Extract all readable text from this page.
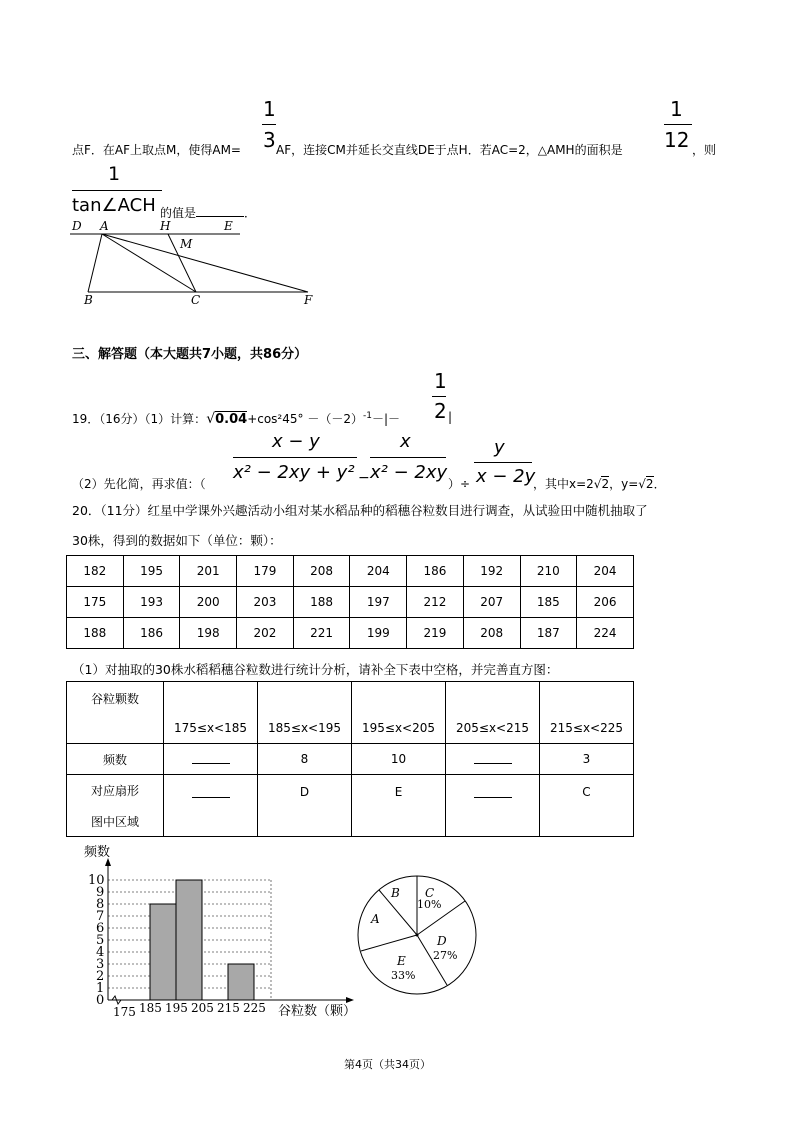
1
3
1
12
点F．在AF上取点M，使得AM=	AF，连接CM并延长交直线DE于点H．若AC=2，△AMH的面积是	，则
1
tan∠ACH 的值是	．
D A	H	E
M
B	C	F
三、解答题（本大题共7小题，共86分）
1
2
19．（16分）（1）计算：$√0.04+\cos^245^\circ -(-2)^{-1}-|-$	|
（2）先化简，再求值：（
x − y
x² − 2xy + y² −
x
x² − 2xy
）÷
y
x − 2y
，其中x=2√2，y=√2．
20．（11分）红星中学课外兴趣活动小组对某水稻品种的稻穗谷粒数目进行调查，从试验田中随机抽取了
30株，得到的数据如下（单位：颗）：
182	195	201	179	208	204	186	192	210	204
175	193	200	203	188	197	212	207	185	206
188	186	198	202	221	199	219	208	187	224
（1）对抽取的30株水稻稻穗谷粒数进行统计分析，请补全下表中空格，并完善直方图：
谷粒颗数	175≤x<185	185≤x<195	195≤x<205	205≤x<215	215≤x<225
频数		8	10		3

对应扇形
图中区域		D	E		C
频数
谷粒数（颗）
0
1
2
3
4
5
6
7
8
9
10
175 185 195 205 215 225
B C
10%
A
D
27%
E
33%
第4页（共34页）
